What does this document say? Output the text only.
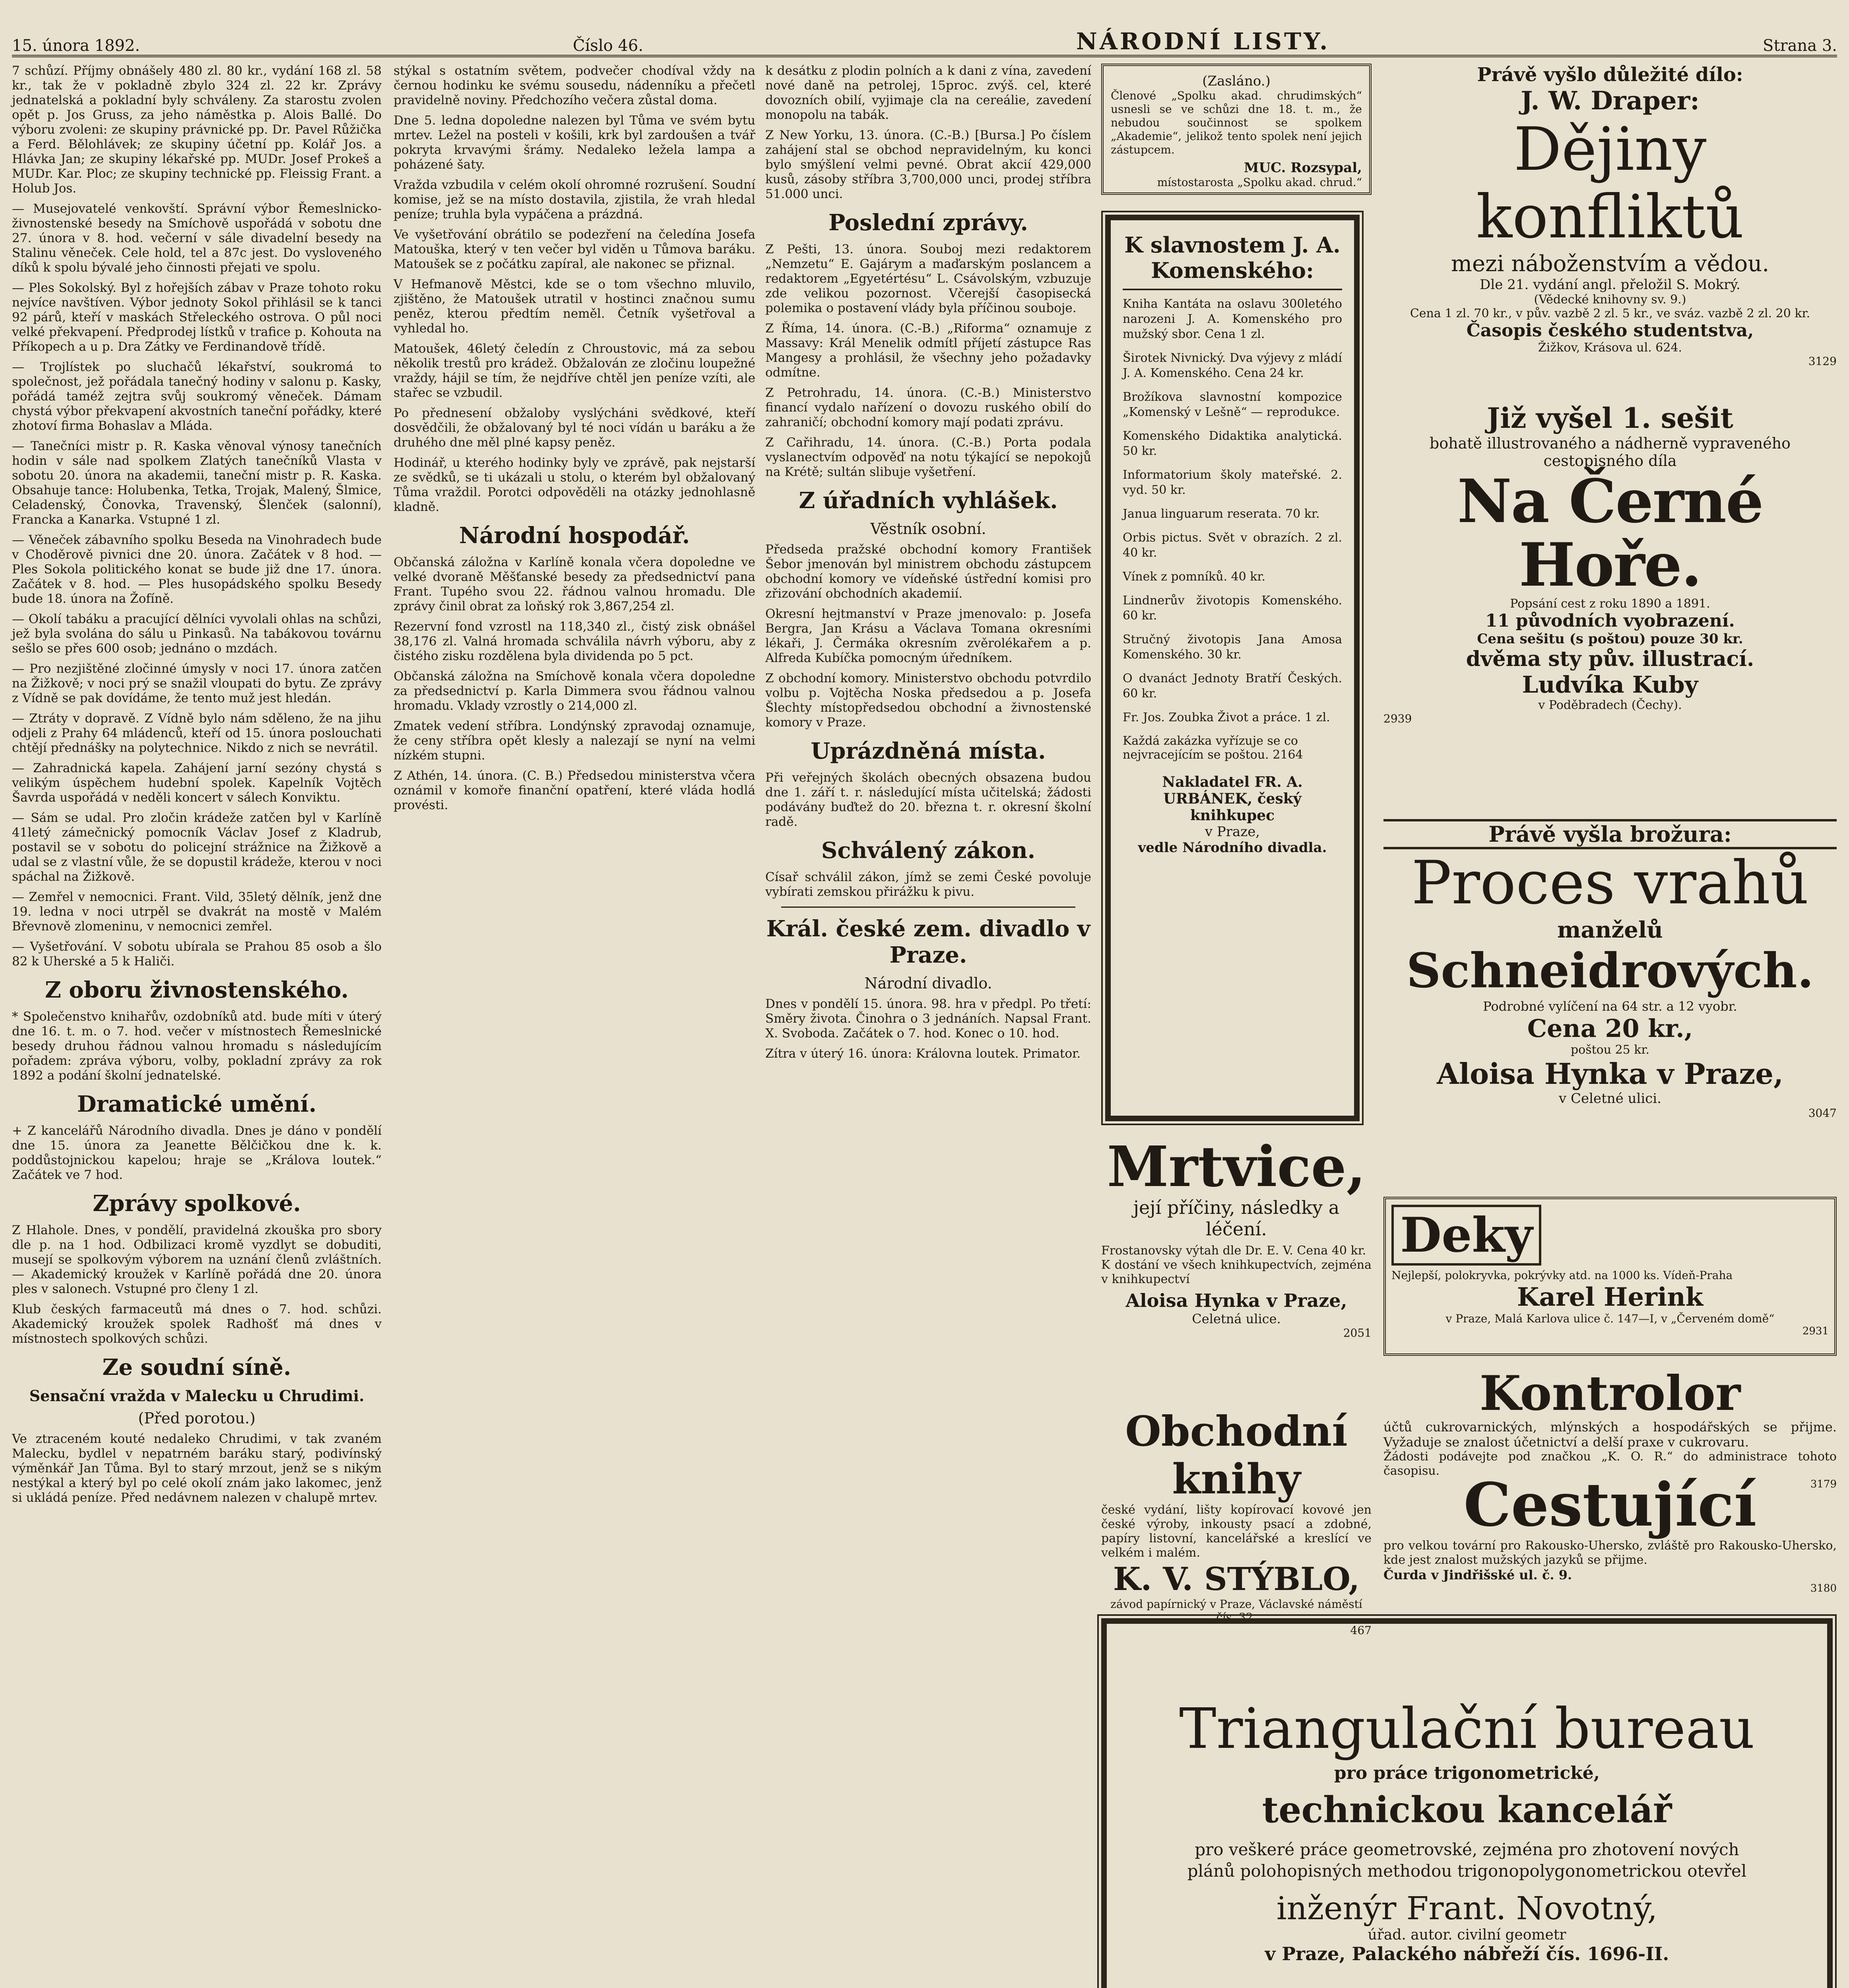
15. února 1892.	Číslo 46.	NÁRODNÍ LISTY.	Strana 3.

7 schůzí. Příjmy obnášely 480 zl. 80 kr., vydání 168 zl. 58 kr., tak že v pokladně zbylo 324 zl. 22 kr. Zprávy jednatelská a pokladní byly schváleny. Za starostu zvolen opět p. Jos Gruss, za jeho náměstka p. Alois Ballé. Do výboru zvoleni: ze skupiny právnické pp. Dr. Pavel Růžička a Ferd. Bělohlávek; ze skupiny účetní pp. Kolář Jos. a Hlávka Jan; ze skupiny lékařské pp. MUDr. Josef Prokeš a MUDr. Kar. Ploc; ze skupiny technické pp. Fleissig Frant. a Holub Jos.

— Musejovatelé venkovští. Správní výbor Řemeslnicko-živnostenské besedy na Smíchově uspořádá v sobotu dne 27. února v 8. hod. večerní v sále divadelní besedy na Stalinu věneček. Cele hold, tel a 87c jest. Do vysloveného díků k spolu bývalé jeho činnosti přejati ve spolu.

— Ples Sokolský. Byl z hořejších zábav v Praze tohoto roku nejvíce navštíven. Výbor jednoty Sokol přihlásil se k tanci 92 párů, kteří v maskách Střeleckého ostrova. O půl noci velké překvapení. Předprodej lístků v trafice p. Kohouta na Příkopech a u p. Dra Zátky ve Ferdinandově třídě.

— Trojlístek po sluchačů lékařství, soukromá to společnost, jež pořádala tanečný hodiny v salonu p. Kasky, pořádá taméž zejtra svůj soukromý věneček. Dámam chystá výbor překvapení akvostních taneční pořádky, které zhotoví firma Bohaslav a Mláda.

— Tanečníci mistr p. R. Kaska věnoval výnosy tanečních hodin v sále nad spolkem Zlatých tanečníků Vlasta v sobotu 20. února na akademii, taneční mistr p. R. Kaska. Obsahuje tance: Holubenka, Tetka, Trojak, Malený, Šlmice, Celadenský, Čonovka, Travenský, Šlenček (salonní), Francka a Kanarka. Vstupné 1 zl.

— Věneček zábavního spolku Beseda na Vinohradech bude v Choděrově pivnici dne 20. února. Začátek v 8 hod. — Ples Sokola politického konat se bude již dne 17. února. Začátek v 8. hod. — Ples husopádského spolku Besedy bude 18. února na Žofíně.

— Okolí tabáku a pracující dělníci vyvolali ohlas na schůzi, jež byla svolána do sálu u Pinkasů. Na tabákovou továrnu sešlo se přes 600 osob; jednáno o mzdách.

— Pro nezjištěné zločinné úmysly v noci 17. února zatčen na Žižkově; v noci prý se snažil vloupati do bytu. Ze zprávy z Vídně se pak dovídáme, že tento muž jest hledán.

— Ztráty v dopravě. Z Vídně bylo nám sděleno, že na jihu odjeli z Prahy 64 mládenců, kteří od 15. února poslouchati chtějí přednášky na polytechnice. Nikdo z nich se nevrátil.

— Zahradnická kapela. Zahájení jarní sezóny chystá s velikým úspěchem hudební spolek. Kapelník Vojtěch Šavrda uspořádá v neděli koncert v sálech Konviktu.

— Sám se udal. Pro zločin krádeže zatčen byl v Karlíně 41letý zámečnický pomocník Václav Josef z Kladrub, postavil se v sobotu do policejní strážnice na Žižkově a udal se z vlastní vůle, že se dopustil krádeže, kterou v noci spáchal na Žižkově.

— Zemřel v nemocnici. Frant. Vild, 35letý dělník, jenž dne 19. ledna v noci utrpěl se dvakrát na mostě v Malém Břevnově zlomeninu, v nemocnici zemřel.

— Vyšetřování. V sobotu ubírala se Prahou 85 osob a šlo 82 k Uherské a 5 k Haliči.

Z oboru živnostenského.

* Společenstvo knihařův, ozdobníků atd. bude míti v úterý dne 16. t. m. o 7. hod. večer v místnostech Řemeslnické besedy druhou řádnou valnou hromadu s následujícím pořadem: zpráva výboru, volby, pokladní zprávy za rok 1892 a podání školní jednatelské.

Dramatické umění.

+ Z kancelářů Národního divadla. Dnes je dáno v pondělí dne 15. února za Jeanette Bělčičkou dne k. k. poddůstojnickou kapelou; hraje se „Králova loutek.“ Začátek ve 7 hod.

Zprávy spolkové.

Z Hlahole. Dnes, v pondělí, pravidelná zkouška pro sbory dle p. na 1 hod. Odbilizaci kromě vyzdlyt se dobuditi, musejí se spolkovým výborem na uznání členů zvláštních. — Akademický kroužek v Karlíně pořádá dne 20. února ples v salonech. Vstupné pro členy 1 zl.

Klub českých farmaceutů má dnes o 7. hod. schůzi. Akademický kroužek spolek Radhošť má dnes v místnostech spolkových schůzi.

Ze soudní síně.
Sensační vražda v Malecku u Chrudimi.
(Před porotou.)

Ve ztraceném kouté nedaleko Chrudimi, v tak zvaném Malecku, bydlel v nepatrném baráku starý, podivínský výměnkář Jan Tůma. Byl to starý mrzout, jenž se s nikým nestýkal a který byl po celé okolí znám jako lakomec, jenž si ukládá peníze. Před nedávnem nalezen v chalupě mrtev.

stýkal s ostatním světem, podvečer chodíval vždy na černou hodinku ke svému sousedu, nádenníku a přečetl pravidelně noviny. Předchozího večera zůstal doma.

Dne 5. ledna dopoledne nalezen byl Tůma ve svém bytu mrtev. Ležel na posteli v košili, krk byl zardoušen a tvář pokryta krvavými šrámy. Nedaleko ležela lampa a poházené šaty.

Vražda vzbudila v celém okolí ohromné rozrušení. Soudní komise, jež se na místo dostavila, zjistila, že vrah hledal peníze; truhla byla vypáčena a prázdná.

Ve vyšetřování obrátilo se podezření na čeledína Josefa Matouška, který v ten večer byl viděn u Tůmova baráku. Matoušek se z počátku zapíral, ale nakonec se přiznal.

V Hefmanově Městci, kde se o tom všechno mluvilo, zjištěno, že Matoušek utratil v hostinci značnou sumu peněz, kterou předtím neměl. Četník vyšetřoval a vyhledal ho.

Matoušek, 46letý čeledín z Chroustovic, má za sebou několik trestů pro krádež. Obžalován ze zločinu loupežné vraždy, hájil se tím, že nejdříve chtěl jen peníze vzíti, ale stařec se vzbudil.

Po přednesení obžaloby vyslýcháni svědkové, kteří dosvědčili, že obžalovaný byl té noci vídán u baráku a že druhého dne měl plné kapsy peněz.

Hodinář, u kterého hodinky byly ve zprávě, pak nejstarší ze svědků, se ti ukázali u stolu, o kterém byl obžalovaný Tůma vraždil. Porotci odpověděli na otázky jednohlasně kladně.

Národní hospodář.

Občanská záložna v Karlíně konala včera dopoledne ve velké dvoraně Měšťanské besedy za předsednictví pana Frant. Tupého svou 22. řádnou valnou hromadu. Dle zprávy činil obrat za loňský rok 3,867,254 zl.

Rezervní fond vzrostl na 118,340 zl., čistý zisk obnášel 38,176 zl. Valná hromada schválila návrh výboru, aby z čistého zisku rozdělena byla dividenda po 5 pct.

Občanská záložna na Smíchově konala včera dopoledne za předsednictví p. Karla Dimmera svou řádnou valnou hromadu. Vklady vzrostly o 214,000 zl.

Zmatek vedení stříbra. Londýnský zpravodaj oznamuje, že ceny stříbra opět klesly a nalezají se nyní na velmi nízkém stupni.

Z Athén, 14. února. (C. B.) Předsedou ministerstva včera oznámil v komoře finanční opatření, které vláda hodlá provésti.

k desátku z plodin polních a k dani z vína, zavedení nové daně na petrolej, 15proc. zvýš. cel, které dovozních obilí, vyjimaje cla na cereálie, zavedení monopolu na tabák.

Z New Yorku, 13. února. (C.-B.) [Bursa.] Po číslem zahájení stal se obchod nepravidelným, ku konci bylo smýšlení velmi pevné. Obrat akcií 429,000 kusů, zásoby stříbra 3,700,000 unci, prodej stříbra 51.000 unci.

Poslední zprávy.

Z Pešti, 13. února. Souboj mezi redaktorem „Nemzetu“ E. Gajárym a maďarským poslancem a redaktorem „Egyetértésu“ L. Csávolským, vzbuzuje zde velikou pozornost. Včerejší časopisecká polemika o postavení vlády byla příčinou souboje.

Z Říma, 14. února. (C.-B.) „Riforma“ oznamuje z Massavy: Král Menelik odmítl příjetí zástupce Ras Mangesy a prohlásil, že všechny jeho požadavky odmítne.

Z Petrohradu, 14. února. (C.-B.) Ministerstvo financí vydalo nařízení o dovozu ruského obilí do zahraničí; obchodní komory mají podati zprávu.

Z Cařihradu, 14. února. (C.-B.) Porta podala vyslanectvím odpověď na notu týkající se nepokojů na Krétě; sultán slibuje vyšetření.

Z úřadních vyhlášek.
Věstník osobní.

Předseda pražské obchodní komory František Šebor jmenován byl ministrem obchodu zástupcem obchodní komory ve vídeňské ústřední komisi pro zřizování obchodních akademií.

Okresní hejtmanství v Praze jmenovalo: p. Josefa Bergra, Jan Krásu a Václava Tomana okresními lékaři, J. Čermáka okresním zvěrolékařem a p. Alfreda Kubíčka pomocným úředníkem.

Z obchodní komory. Ministerstvo obchodu potvrdilo volbu p. Vojtěcha Noska předsedou a p. Josefa Šlechty místopředsedou obchodní a živnostenské komory v Praze.

Uprázdněná místa.

Při veřejných školách obecných obsazena budou dne 1. září t. r. následující místa učitelská; žádosti podávány buďtež do 20. března t. r. okresní školní radě.

Schválený zákon.

Císař schválil zákon, jímž se zemi České povoluje vybírati zemskou přirážku k pivu.

Král. české zem. divadlo v Praze.
Národní divadlo.

Dnes v pondělí 15. února. 98. hra v předpl. Po třetí: Směry života. Činohra o 3 jednáních. Napsal Frant. X. Svoboda. Začátek o 7. hod. Konec o 10. hod.

Zítra v úterý 16. února: Královna loutek. Primator.

(Zasláno.)
Členové „Spolku akad. chrudimských“ usnesli se ve schůzi dne 18. t. m., že nebudou součinnost se spolkem „Akademie“, jelikož tento spolek není jejich zástupcem.
MUC. Rozsypal,
místostarosta „Spolku akad. chrud.“
K slavnostem J. A. Komenského:
Kniha Kantáta na oslavu 300letého narozeni J. A. Komenského pro mužský sbor. Cena 1 zl.
Širotek Nivnický. Dva výjevy z mládí J. A. Komenského. Cena 24 kr.
Brožíkova slavnostní kompozice „Komenský v Lešně“ — reprodukce.
Komenského Didaktika analytická. 50 kr.
Informatorium školy mateřské. 2. vyd. 50 kr.
Janua linguarum reserata. 70 kr.
Orbis pictus. Svět v obrazích. 2 zl. 40 kr.
Vínek z pomníků. 40 kr.
Lindnerův životopis Komenského. 60 kr.
Stručný životopis Jana Amosa Komenského. 30 kr.
O dvanáct Jednoty Bratří Českých. 60 kr.
Fr. Jos. Zoubka Život a práce. 1 zl.
Každá zakázka vyřízuje se co nejvracejícím se poštou. 2164
Nakladatel FR. A. URBÁNEK, český knihkupec
v Praze,
vedle Národního divadla.
Mrtvice,
její příčiny, následky a léčení.
Frostanovsky výtah dle Dr. E. V. Cena 40 kr.
K dostání ve všech knihkupectvích, zejména v knihkupectví
Aloisa Hynka v Praze,
Celetná ulice.
2051
Obchodní knihy
české vydání, lišty kopírovací kovové jen české výroby, inkousty psací a zdobné, papíry listovní, kancelářské a kreslící ve velkém i malém.
K. V. STÝBLO,
závod papírnický v Praze, Václavské náměstí čís. 32.
467
Právě vyšlo důležité dílo:
J. W. Draper:
Dějiny konfliktů
mezi náboženstvím a vědou.
Dle 21. vydání angl. přeložil S. Mokrý.
(Vědecké knihovny sv. 9.)
Cena 1 zl. 70 kr., v pův. vazbě 2 zl. 5 kr., ve sváz. vazbě 2 zl. 20 kr.
Časopis českého studentstva,
Žižkov, Krásova ul. 624.
3129
Již vyšel 1. sešit
bohatě illustrovaného a nádherně vypraveného cestopisného díla
Na Černé Hoře.
Popsání cest z roku 1890 a 1891.
11 původních vyobrazení.
Cena sešitu (s poštou) pouze 30 kr.
dvěma sty pův. illustrací.
Ludvíka Kuby
v Poděbradech (Čechy).
2939
Právě vyšla brožura:
Proces vrahů
manželů
Schneidrových.
Podrobné vylíčení na 64 str. a 12 vyobr.
Cena 20 kr.,
poštou 25 kr.
Aloisa Hynka v Praze,
v Celetné ulici.
3047
Deky
Nejlepší, polokryvka, pokrývky atd. na 1000 ks. Vídeň-Praha
Karel Herink
v Praze, Malá Karlova ulice č. 147—I, v „Červeném domě“
2931
Kontrolor
účtů cukrovarnických, mlýnských a hospodářských se přijme. Vyžaduje se znalost účetnictví a delší praxe v cukrovaru.
Žádosti podávejte pod značkou „K. O. R.“ do administrace tohoto časopisu.
3179
Cestující
pro velkou tovární pro Rakousko-Uhersko, zvláště pro Rakousko-Uhersko, kde jest znalost mužských jazyků se přijme.
Čurda v Jindřišské ul. č. 9.
3180
Triangulační bureau
pro práce trigonometrické,
technickou kancelář
pro veškeré práce geometrovské, zejména pro zhotovení nových plánů polohopisných methodou trigonopolygonometrickou otevřel
inženýr Frant. Novotný,
úřad. autor. civilní geometr
v Praze, Palackého nábřeží čís. 1696-II.
